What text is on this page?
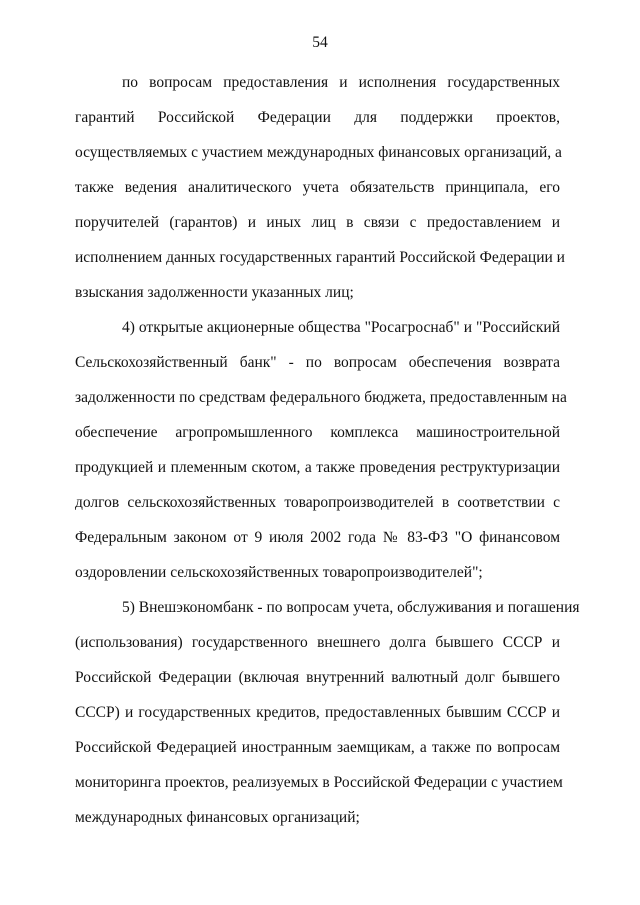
54
по вопросам предоставления и исполнения государственных
гарантий Российской Федерации для поддержки проектов,
осуществляемых с участием международных финансовых организаций, а
также ведения аналитического учета обязательств принципала, его
поручителей (гарантов) и иных лиц в связи с предоставлением и
исполнением данных государственных гарантий Российской Федерации и
взыскания задолженности указанных лиц;
4) открытые акционерные общества "Росагроснаб" и "Российский
Сельскохозяйственный банк" - по вопросам обеспечения возврата
задолженности по средствам федерального бюджета, предоставленным на
обеспечение агропромышленного комплекса машиностроительной
продукцией и племенным скотом, а также проведения реструктуризации
долгов сельскохозяйственных товаропроизводителей в соответствии с
Федеральным законом от 9 июля 2002 года № 83-ФЗ "О финансовом
оздоровлении сельскохозяйственных товаропроизводителей";
5) Внешэкономбанк - по вопросам учета, обслуживания и погашения
(использования) государственного внешнего долга бывшего СССР и
Российской Федерации (включая внутренний валютный долг бывшего
СССР) и государственных кредитов, предоставленных бывшим СССР и
Российской Федерацией иностранным заемщикам, а также по вопросам
мониторинга проектов, реализуемых в Российской Федерации с участием
международных финансовых организаций;
